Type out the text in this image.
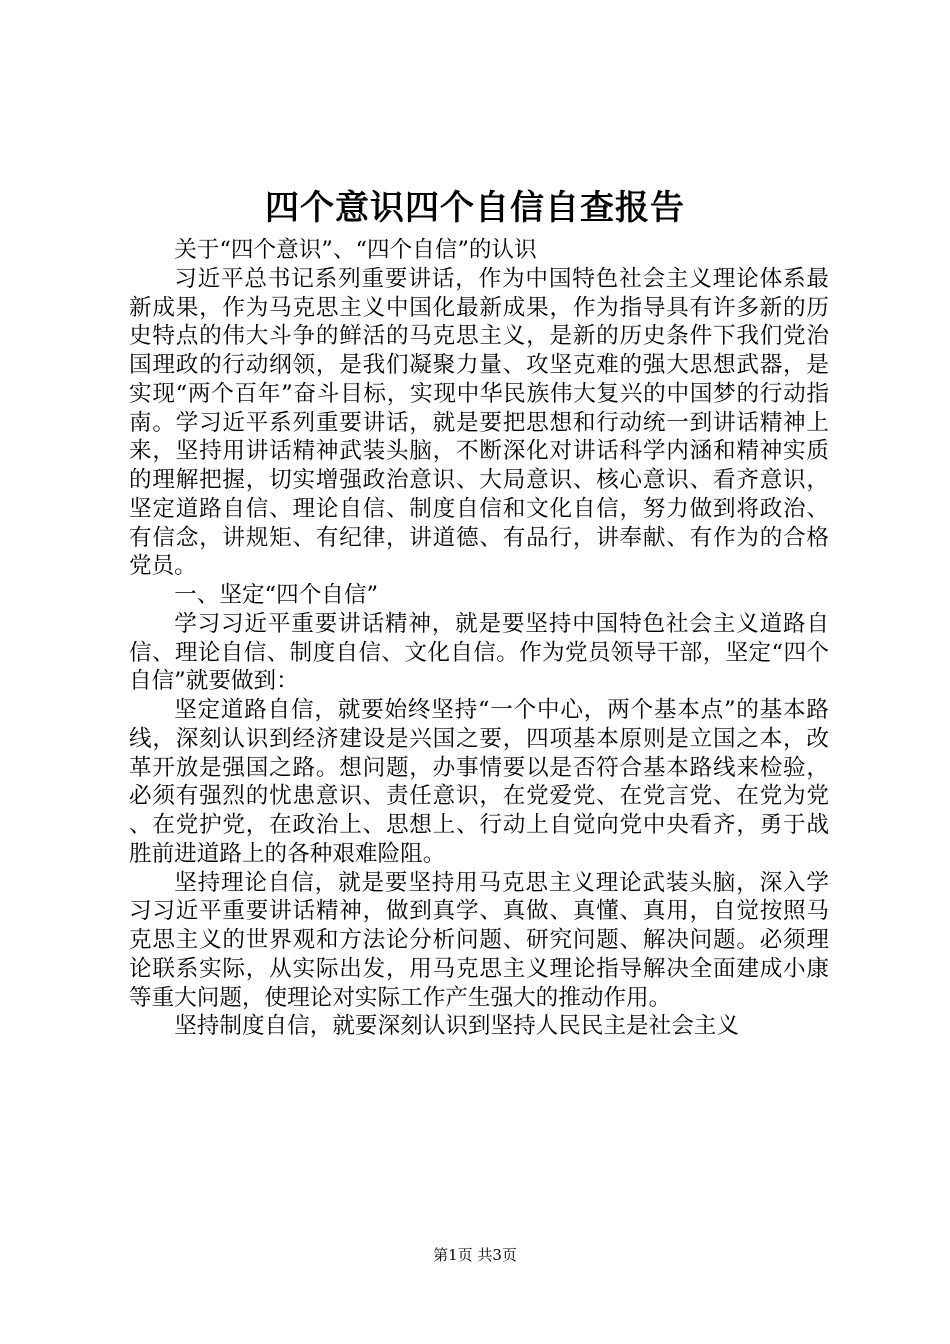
四个意识四个自信自查报告

关于“四个意识”、“四个自信”的认识

习近平总书记系列重要讲话，作为中国特色社会主义理论体系最新成果，作为马克思主义中国化最新成果，作为指导具有许多新的历史特点的伟大斗争的鲜活的马克思主义，是新的历史条件下我们党治国理政的行动纲领，是我们凝聚力量、攻坚克难的强大思想武器，是实现“两个百年”奋斗目标，实现中华民族伟大复兴的中国梦的行动指南。学习近平系列重要讲话，就是要把思想和行动统一到讲话精神上来，坚持用讲话精神武装头脑，不断深化对讲话科学内涵和精神实质的理解把握，切实增强政治意识、大局意识、核心意识、看齐意识，坚定道路自信、理论自信、制度自信和文化自信，努力做到将政治、有信念，讲规矩、有纪律，讲道德、有品行，讲奉献、有作为的合格党员。

一、坚定“四个自信”

学习习近平重要讲话精神，就是要坚持中国特色社会主义道路自信、理论自信、制度自信、文化自信。作为党员领导干部，坚定“四个自信”就要做到：

坚定道路自信，就要始终坚持“一个中心，两个基本点”的基本路线，深刻认识到经济建设是兴国之要，四项基本原则是立国之本，改革开放是强国之路。想问题，办事情要以是否符合基本路线来检验，必须有强烈的忧患意识、责任意识，在党爱党、在党言党、在党为党、在党护党，在政治上、思想上、行动上自觉向党中央看齐，勇于战胜前进道路上的各种艰难险阻。

坚持理论自信，就是要坚持用马克思主义理论武装头脑，深入学习习近平重要讲话精神，做到真学、真做、真懂、真用，自觉按照马克思主义的世界观和方法论分析问题、研究问题、解决问题。必须理论联系实际，从实际出发，用马克思主义理论指导解决全面建成小康等重大问题，使理论对实际工作产生强大的推动作用。

坚持制度自信，就要深刻认识到坚持人民民主是社会主义

第1页 共3页
